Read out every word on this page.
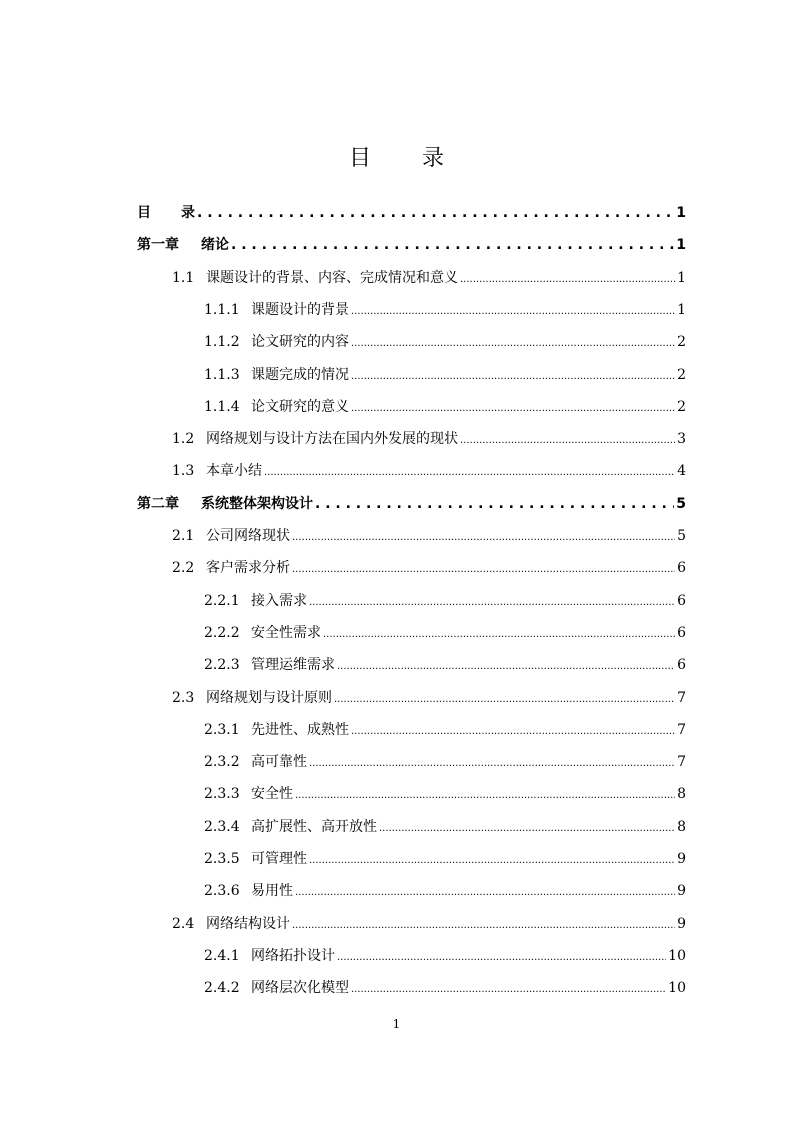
目 录
目	录 . . .	1
第一章	绪论 . . .	1
1.1 课题设计的背景、内容、完成情况和意义 .....	1
1.1.1 课题设计的背景 .....	1
1.1.2 论文研究的内容 .....	2
1.1.3 课题完成的情况 .....	2
1.1.4 论文研究的意义 .....	2
1.2 网络规划与设计方法在国内外发展的现状 .....	3
1.3 本章小结 .....	4
第二章	系统整体架构设计 . . .	5
2.1 公司网络现状 .....	5
2.2 客户需求分析 .....	6
2.2.1 接入需求 .....	6
2.2.2 安全性需求 .....	6
2.2.3 管理运维需求 .....	6
2.3 网络规划与设计原则 .....	7
2.3.1 先进性、成熟性 .....	7
2.3.2 高可靠性 .....	7
2.3.3 安全性 .....	8
2.3.4 高扩展性、高开放性 .....	8
2.3.5 可管理性 .....	9
2.3.6 易用性 .....	9
2.4 网络结构设计 .....	9
2.4.1 网络拓扑设计 .....	10
2.4.2 网络层次化模型 .....	10
1
